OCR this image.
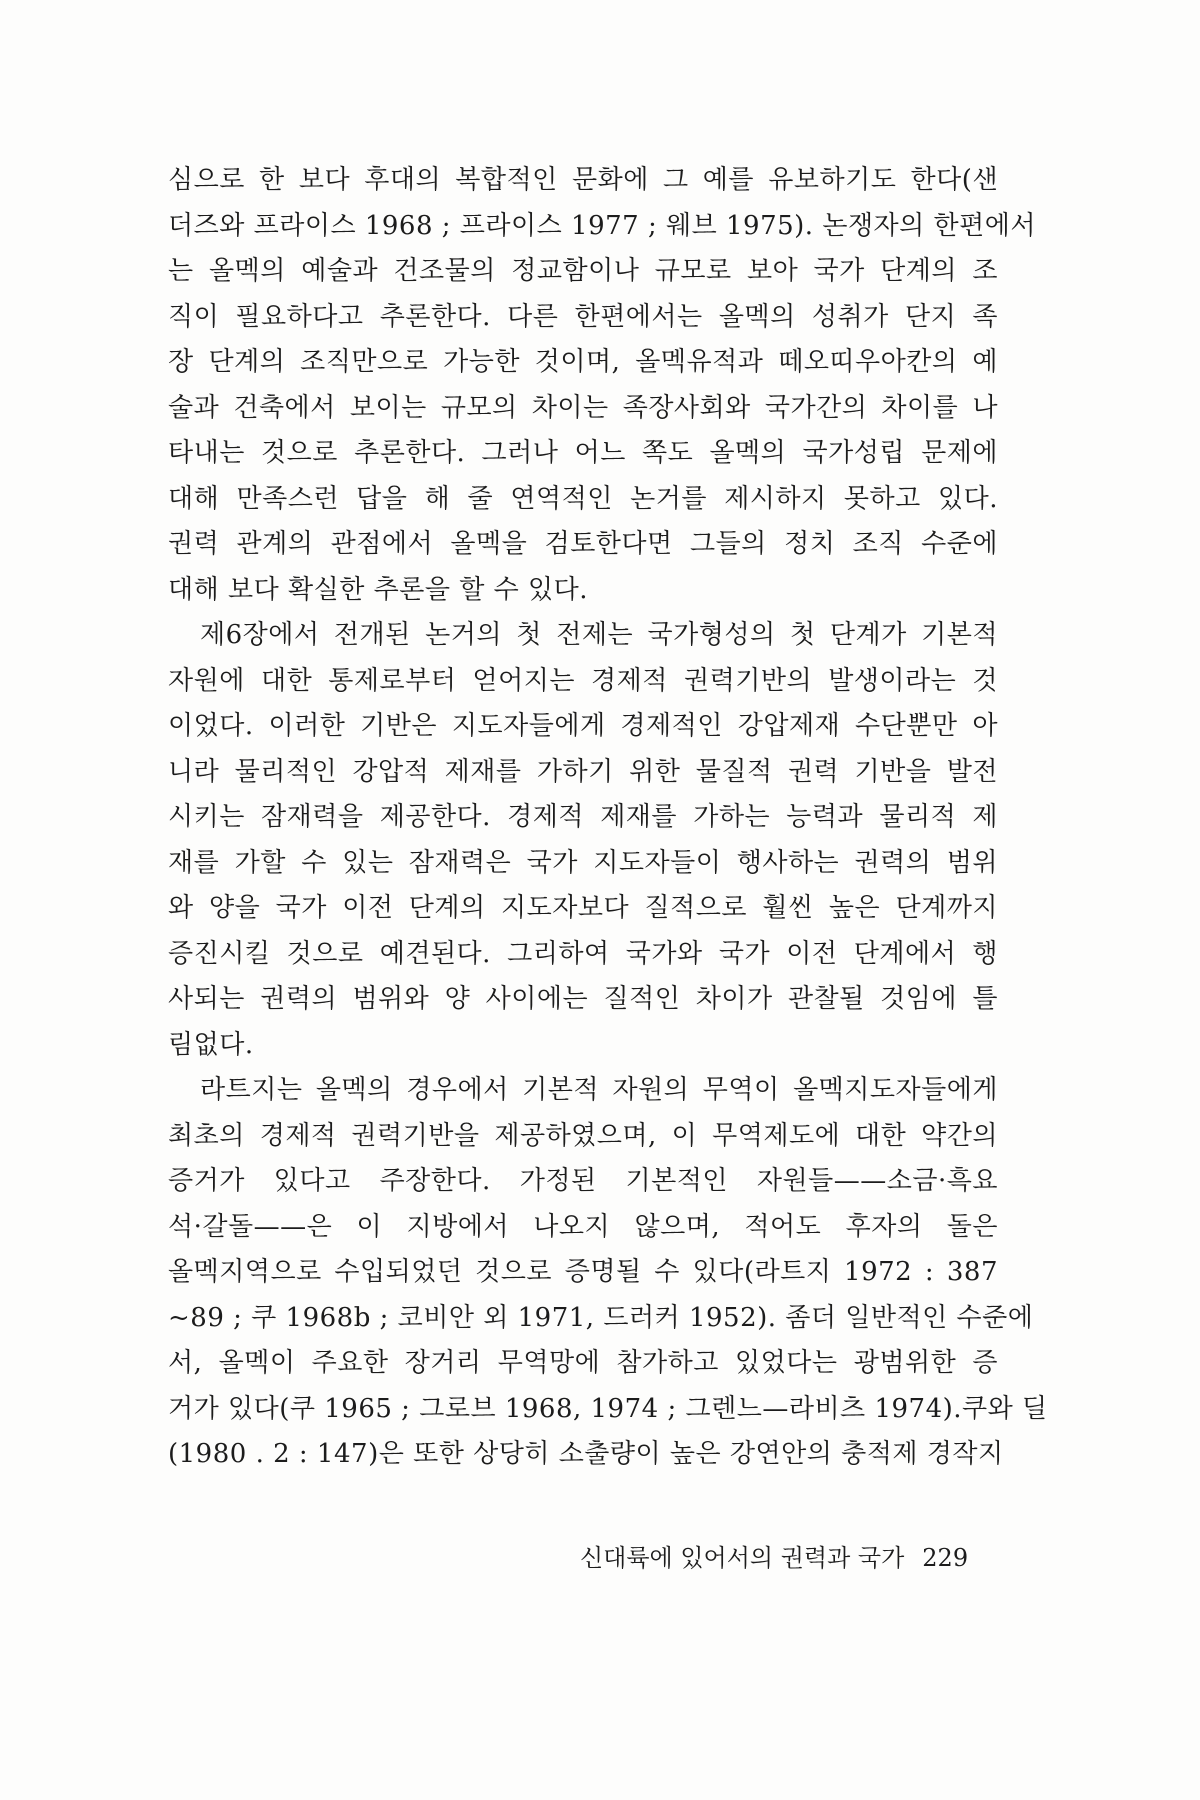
심으로 한 보다 후대의 복합적인 문화에 그 예를 유보하기도 한다(샌
더즈와 프라이스 1968 ; 프라이스 1977 ; 웨브 1975). 논쟁자의 한편에서
는 올멕의 예술과 건조물의 정교함이나 규모로 보아 국가 단계의 조
직이 필요하다고 추론한다. 다른 한편에서는 올멕의 성취가 단지 족
장 단계의 조직만으로 가능한 것이며, 올멕유적과 떼오띠우아칸의 예
술과 건축에서 보이는 규모의 차이는 족장사회와 국가간의 차이를 나
타내는 것으로 추론한다. 그러나 어느 쪽도 올멕의 국가성립 문제에
대해 만족스런 답을 해 줄 연역적인 논거를 제시하지 못하고 있다.
권력 관계의 관점에서 올멕을 검토한다면 그들의 정치 조직 수준에
대해 보다 확실한 추론을 할 수 있다.
제6장에서 전개된 논거의 첫 전제는 국가형성의 첫 단계가 기본적
자원에 대한 통제로부터 얻어지는 경제적 권력기반의 발생이라는 것
이었다. 이러한 기반은 지도자들에게 경제적인 강압제재 수단뿐만 아
니라 물리적인 강압적 제재를 가하기 위한 물질적 권력 기반을 발전
시키는 잠재력을 제공한다. 경제적 제재를 가하는 능력과 물리적 제
재를 가할 수 있는 잠재력은 국가 지도자들이 행사하는 권력의 범위
와 양을 국가 이전 단계의 지도자보다 질적으로 훨씬 높은 단계까지
증진시킬 것으로 예견된다. 그리하여 국가와 국가 이전 단계에서 행
사되는 권력의 범위와 양 사이에는 질적인 차이가 관찰될 것임에 틀
림없다.
라트지는 올멕의 경우에서 기본적 자원의 무역이 올멕지도자들에게
최초의 경제적 권력기반을 제공하였으며, 이 무역제도에 대한 약간의
증거가 있다고 주장한다. 가정된 기본적인 자원들——소금·흑요
석·갈돌——은 이 지방에서 나오지 않으며, 적어도 후자의 돌은
올멕지역으로 수입되었던 것으로 증명될 수 있다(라트지 1972 : 387
~89 ; 쿠 1968b ; 코비안 외 1971, 드러커 1952). 좀더 일반적인 수준에
서, 올멕이 주요한 장거리 무역망에 참가하고 있었다는 광범위한 증
거가 있다(쿠 1965 ; 그로브 1968, 1974 ; 그렌느—라비츠 1974).쿠와 딜
(1980 . 2 : 147)은 또한 상당히 소출량이 높은 강연안의 충적제 경작지
신대륙에 있어서의 권력과 국가 229
